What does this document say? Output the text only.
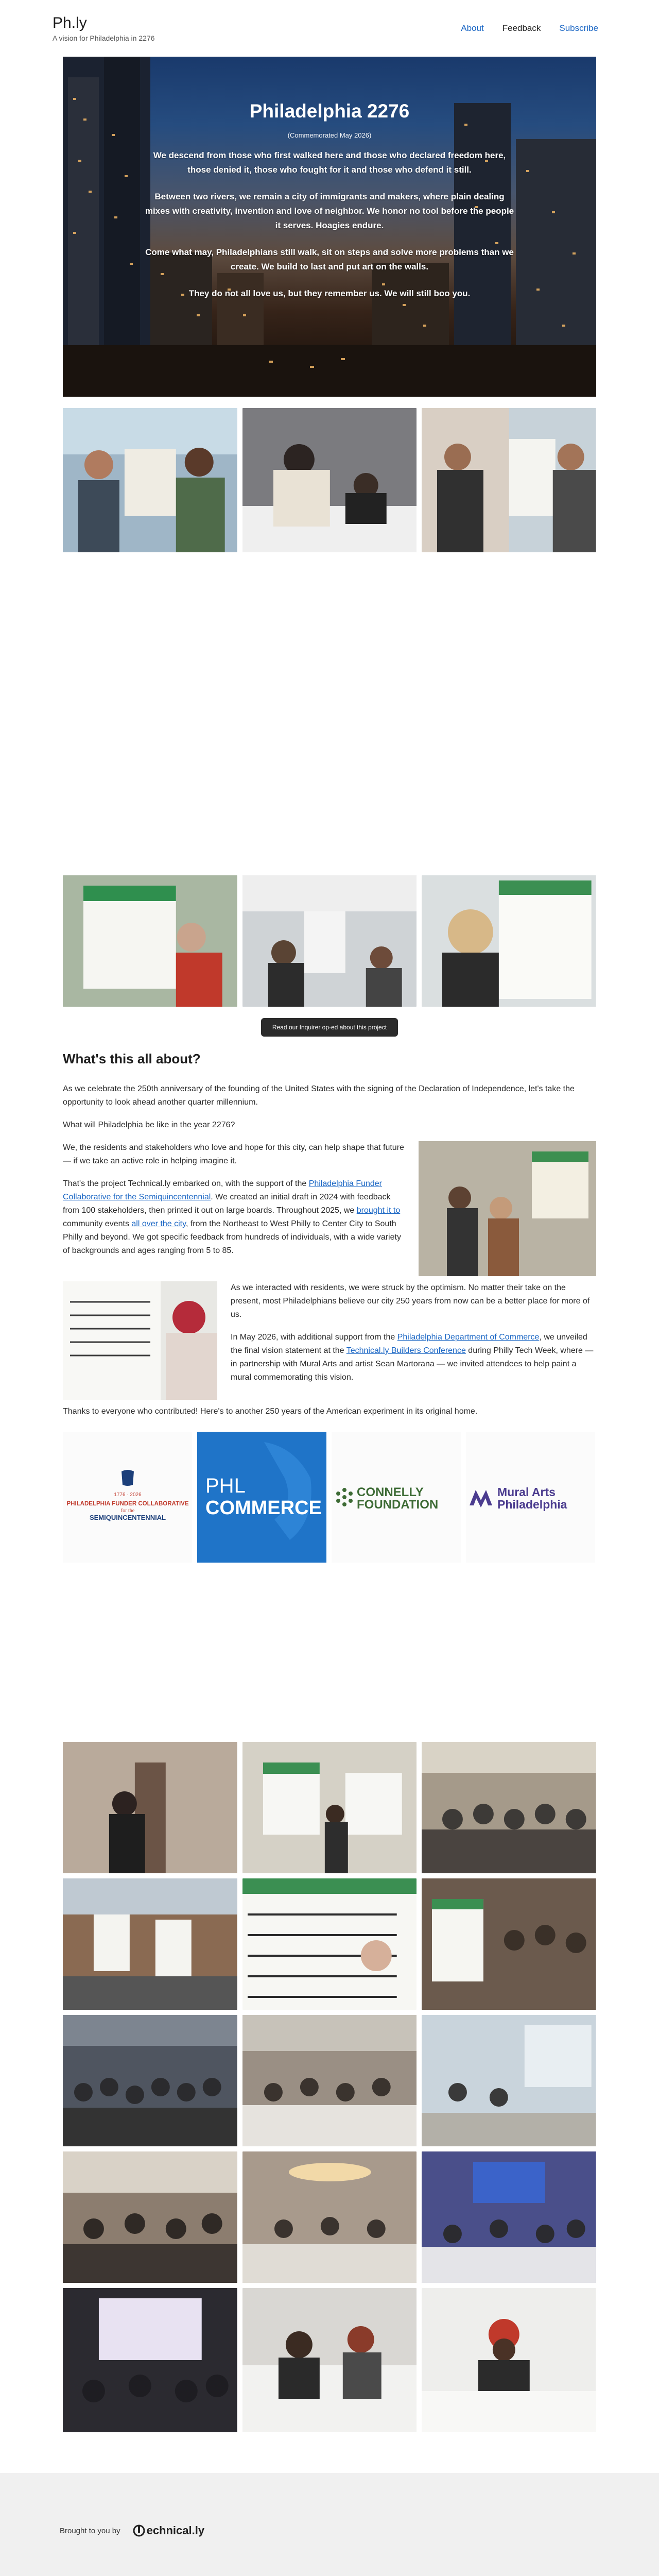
Ph.ly
A vision for Philadelphia in 2276
About Feedback Subscribe
Philadelphia 2276
(Commemorated May 2026)

We descend from those who first walked here and those who declared freedom here, those denied it, those who fought for it and those who defend it still.

Between two rivers, we remain a city of immigrants and makers, where plain dealing mixes with creativity, invention and love of neighbor. We honor no tool before the people it serves. Hoagies endure.

Come what may, Philadelphians still walk, sit on steps and solve more problems than we create. We build to last and put art on the walls.

They do not all love us, but they remember us. We will still boo you.

Read our Inquirer op-ed about this project
What's this all about?

As we celebrate the 250th anniversary of the founding of the United States with the signing of the Declaration of Independence, let's take the opportunity to look ahead another quarter millennium.

What will Philadelphia be like in the year 2276?

We, the residents and stakeholders who love and hope for this city, can help shape that future — if we take an active role in helping imagine it.

That's the project Technical.ly embarked on, with the support of the Philadelphia Funder Collaborative for the Semiquincentennial. We created an initial draft in 2024 with feedback from 100 stakeholders, then printed it out on large boards. Throughout 2025, we brought it to community events all over the city, from the Northeast to West Philly to Center City to South Philly and beyond. We got specific feedback from hundreds of individuals, with a wide variety of backgrounds and ages ranging from 5 to 85.

As we interacted with residents, we were struck by the optimism. No matter their take on the present, most Philadelphians believe our city 250 years from now can be a better place for more of us.

In May 2026, with additional support from the Philadelphia Department of Commerce, we unveiled the final vision statement at the Technical.ly Builders Conference during Philly Tech Week, where — in partnership with Mural Arts and artist Sean Martorana — we invited attendees to help paint a mural commemorating this vision.

Thanks to everyone who contributed! Here's to another 250 years of the American experiment in its original home.

1776 · 2026
PHILADELPHIA FUNDER COLLABORATIVE
for the
SEMIQUINCENTENNIAL
PHL
COMMERCE
CONNELLY
FOUNDATION
Mural Arts
Philadelphia
Brought to you by echnical.ly
